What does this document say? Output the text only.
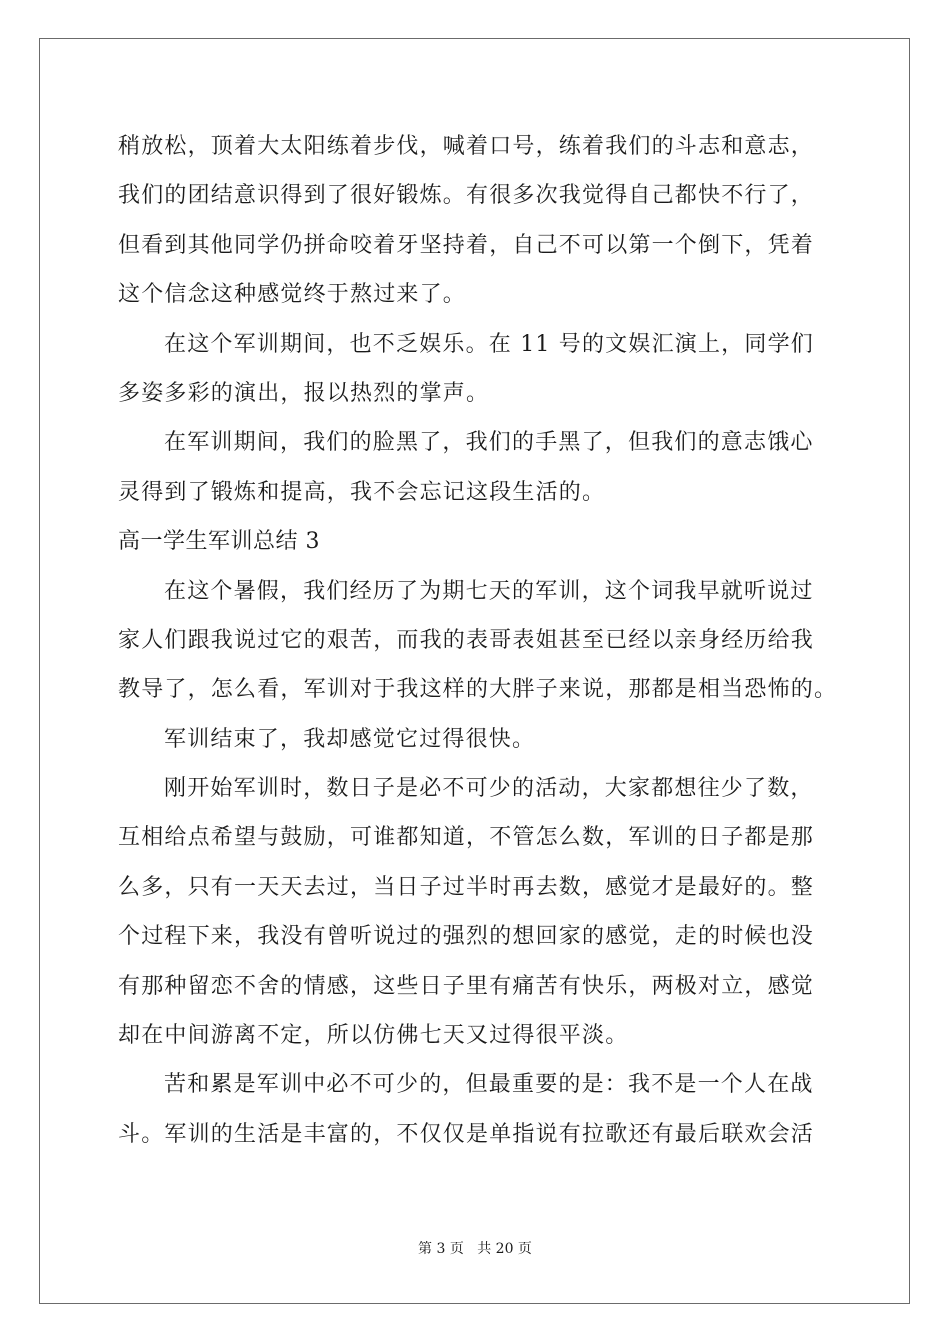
稍放松，顶着大太阳练着步伐，喊着口号，练着我们的斗志和意志，
我们的团结意识得到了很好锻炼。有很多次我觉得自己都快不行了，
但看到其他同学仍拼命咬着牙坚持着，自己不可以第一个倒下，凭着
这个信念这种感觉终于熬过来了。
在这个军训期间，也不乏娱乐。在 11 号的文娱汇演上，同学们
多姿多彩的演出，报以热烈的掌声。
在军训期间，我们的脸黑了，我们的手黑了，但我们的意志饿心
灵得到了锻炼和提高，我不会忘记这段生活的。
高一学生军训总结 3
在这个暑假，我们经历了为期七天的军训，这个词我早就听说过
家人们跟我说过它的艰苦，而我的表哥表姐甚至已经以亲身经历给我
教导了，怎么看，军训对于我这样的大胖子来说，那都是相当恐怖的。
军训结束了，我却感觉它过得很快。
刚开始军训时，数日子是必不可少的活动，大家都想往少了数，
互相给点希望与鼓励，可谁都知道，不管怎么数，军训的日子都是那
么多，只有一天天去过，当日子过半时再去数，感觉才是最好的。整
个过程下来，我没有曾听说过的强烈的想回家的感觉，走的时候也没
有那种留恋不舍的情感，这些日子里有痛苦有快乐，两极对立，感觉
却在中间游离不定，所以仿佛七天又过得很平淡。
苦和累是军训中必不可少的，但最重要的是：我不是一个人在战
斗。军训的生活是丰富的，不仅仅是单指说有拉歌还有最后联欢会活
第 3 页 共 20 页
